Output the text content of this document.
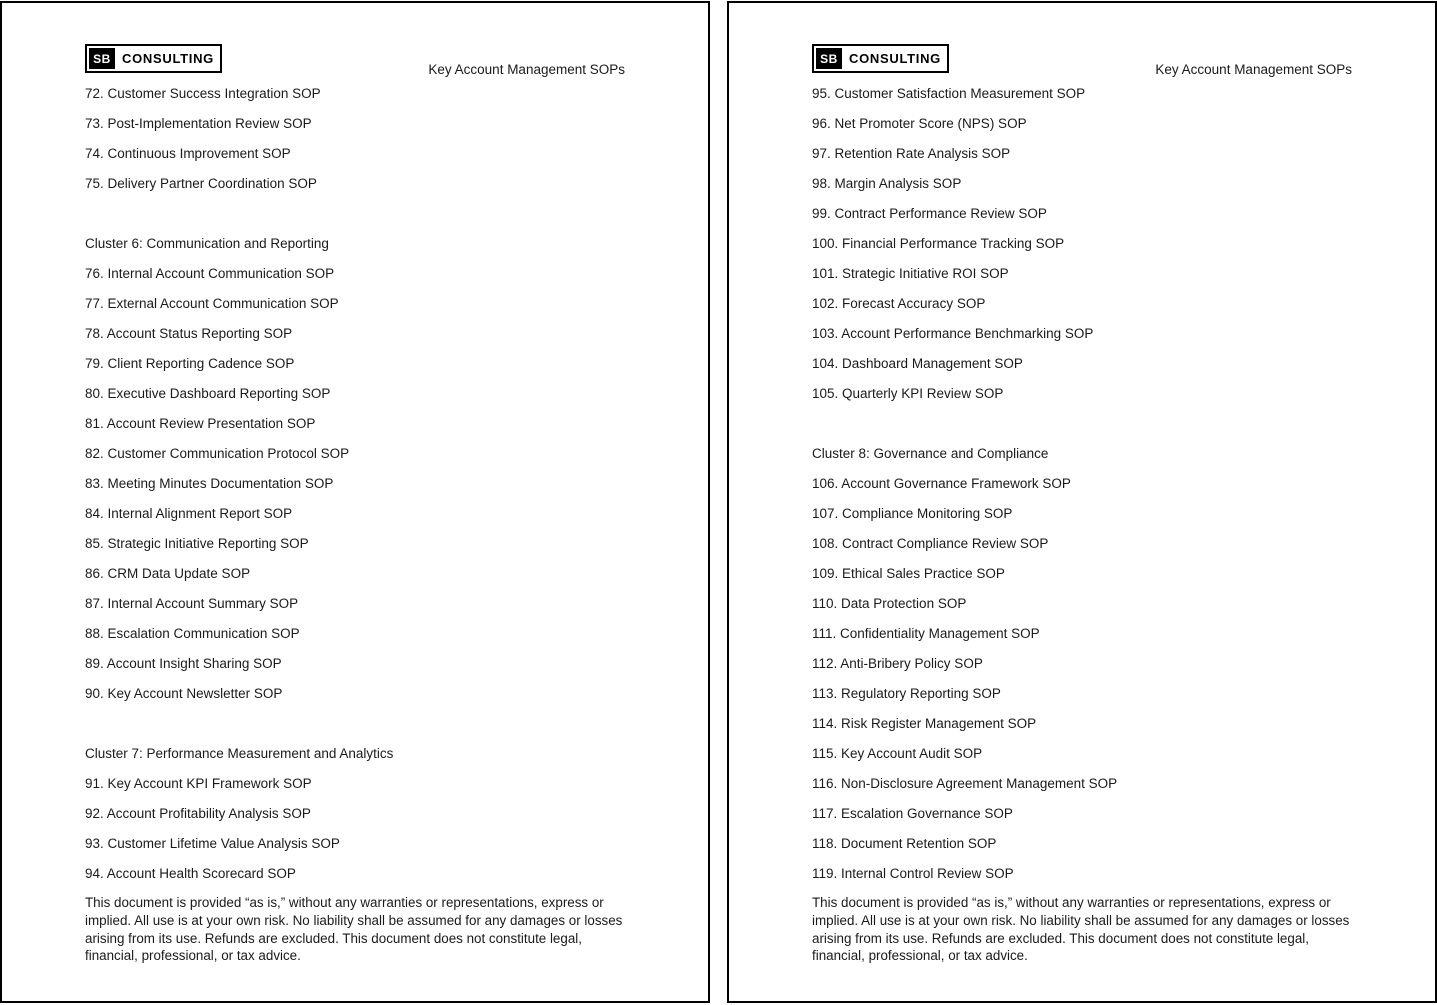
SB CONSULTING
Key Account Management SOPs
72. Customer Success Integration SOP
73. Post-Implementation Review SOP
74. Continuous Improvement SOP
75. Delivery Partner Coordination SOP
Cluster 6: Communication and Reporting
76. Internal Account Communication SOP
77. External Account Communication SOP
78. Account Status Reporting SOP
79. Client Reporting Cadence SOP
80. Executive Dashboard Reporting SOP
81. Account Review Presentation SOP
82. Customer Communication Protocol SOP
83. Meeting Minutes Documentation SOP
84. Internal Alignment Report SOP
85. Strategic Initiative Reporting SOP
86. CRM Data Update SOP
87. Internal Account Summary SOP
88. Escalation Communication SOP
89. Account Insight Sharing SOP
90. Key Account Newsletter SOP
Cluster 7: Performance Measurement and Analytics
91. Key Account KPI Framework SOP
92. Account Profitability Analysis SOP
93. Customer Lifetime Value Analysis SOP
94. Account Health Scorecard SOP
This document is provided “as is,” without any warranties or representations, express or implied. All use is at your own risk. No liability shall be assumed for any damages or losses arising from its use. Refunds are excluded. This document does not constitute legal, financial, professional, or tax advice.
SB CONSULTING
Key Account Management SOPs
95. Customer Satisfaction Measurement SOP
96. Net Promoter Score (NPS) SOP
97. Retention Rate Analysis SOP
98. Margin Analysis SOP
99. Contract Performance Review SOP
100. Financial Performance Tracking SOP
101. Strategic Initiative ROI SOP
102. Forecast Accuracy SOP
103. Account Performance Benchmarking SOP
104. Dashboard Management SOP
105. Quarterly KPI Review SOP
Cluster 8: Governance and Compliance
106. Account Governance Framework SOP
107. Compliance Monitoring SOP
108. Contract Compliance Review SOP
109. Ethical Sales Practice SOP
110. Data Protection SOP
111. Confidentiality Management SOP
112. Anti-Bribery Policy SOP
113. Regulatory Reporting SOP
114. Risk Register Management SOP
115. Key Account Audit SOP
116. Non-Disclosure Agreement Management SOP
117. Escalation Governance SOP
118. Document Retention SOP
119. Internal Control Review SOP
This document is provided “as is,” without any warranties or representations, express or implied. All use is at your own risk. No liability shall be assumed for any damages or losses arising from its use. Refunds are excluded. This document does not constitute legal, financial, professional, or tax advice.
